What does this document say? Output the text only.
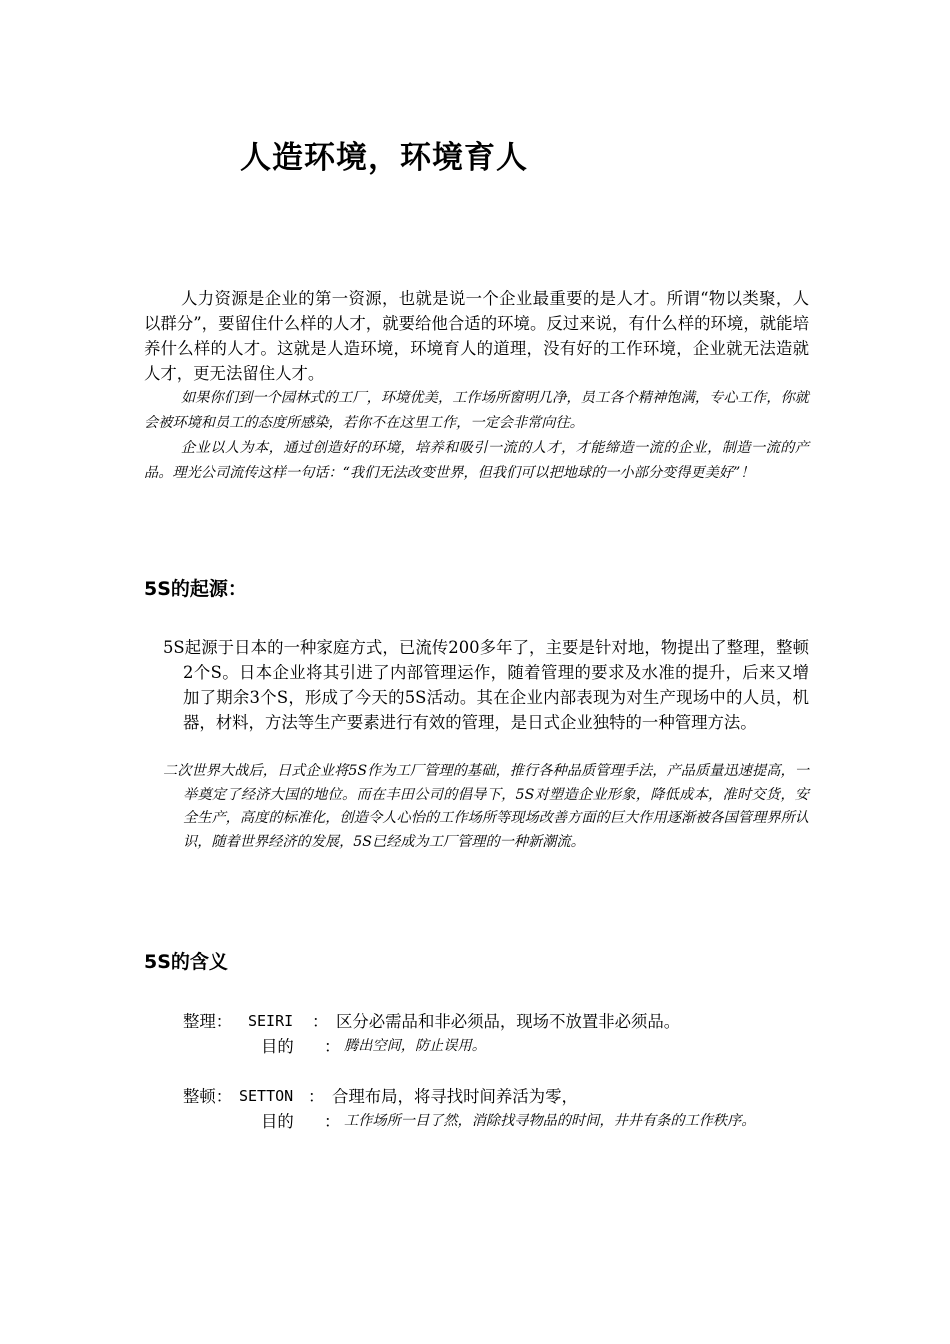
人造环境，环境育人

人力资源是企业的第一资源，也就是说一个企业最重要的是人才。所谓“物以类聚，人以群分”，要留住什么样的人才，就要给他合适的环境。反过来说，有什么样的环境，就能培养什么样的人才。这就是人造环境，环境育人的道理，没有好的工作环境，企业就无法造就人才，更无法留住人才。

如果你们到一个园林式的工厂，环境优美，工作场所窗明几净，员工各个精神饱满，专心工作，你就会被环境和员工的态度所感染，若你不在这里工作，一定会非常向往。

企业以人为本，通过创造好的环境，培养和吸引一流的人才，才能缔造一流的企业，制造一流的产品。理光公司流传这样一句话：“我们无法改变世界，但我们可以把地球的一小部分变得更美好”！

5S的起源：

5S起源于日本的一种家庭方式，已流传200多年了，主要是针对地，物提出了整理，整顿2个S。日本企业将其引进了内部管理运作，随着管理的要求及水准的提升，后来又增加了期余3个S，形成了今天的5S活动。其在企业内部表现为对生产现场中的人员，机器，材料，方法等生产要素进行有效的管理，是日式企业独特的一种管理方法。

二次世界大战后，日式企业将5S作为工厂管理的基础，推行各种品质管理手法，产品质量迅速提高，一举奠定了经济大国的地位。而在丰田公司的倡导下，5S对塑造企业形象，降低成本，准时交货，安全生产，高度的标准化，创造令人心怡的工作场所等现场改善方面的巨大作用逐渐被各国管理界所认识，随着世界经济的发展，5S已经成为工厂管理的一种新潮流。

5S的含义
整理： SEIRI ： 区分必需品和非必须品，现场不放置非必须品。
目的 ： 腾出空间，防止误用。
整顿： SETTON ： 合理布局，将寻找时间养活为零，
目的 ： 工作场所一目了然，消除找寻物品的时间，井井有条的工作秩序。
